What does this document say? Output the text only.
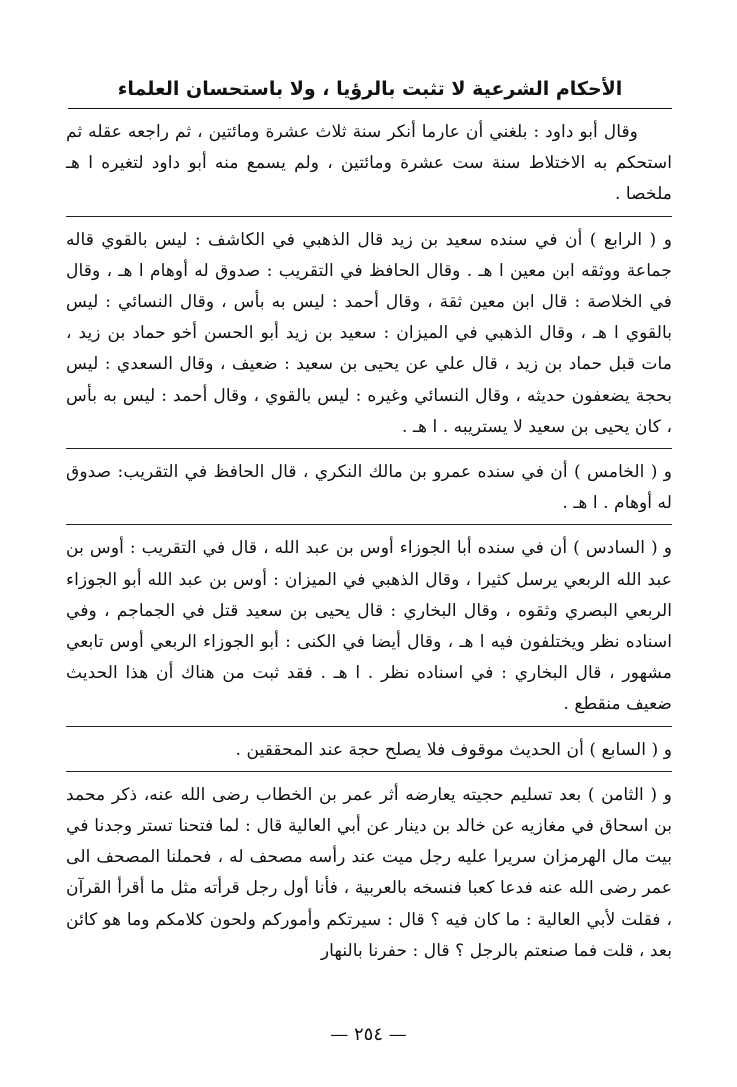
الأحكام الشرعية لا تثبت بالرؤيا ، ولا باستحسان العلماء

وقال أبو داود : بلغني أن عارما أنكر سنة ثلاث عشرة ومائتين ، ثم راجعه عقله ثم استحكم به الاختلاط سنة ست عشرة ومائتين ، ولم يسمع منه أبو داود لتغيره ا هـ ملخصا .

و ( الرابع ) أن في سنده سعيد بن زيد قال الذهبي في الكاشف : ليس بالقوي قاله جماعة ووثقه ابن معين ا هـ . وقال الحافظ في التقريب : صدوق له أوهام ا هـ ، وقال في الخلاصة : قال ابن معين ثقة ، وقال أحمد : ليس به بأس ، وقال النسائي : ليس بالقوي ا هـ ، وقال الذهبي في الميزان : سعيد بن زيد أبو الحسن أخو حماد بن زيد ، مات قبل حماد بن زيد ، قال علي عن يحيى بن سعيد : ضعيف ، وقال السعدي : ليس بحجة يضعفون حديثه ، وقال النسائي وغيره : ليس بالقوي ، وقال أحمد : ليس به بأس ، كان يحيى بن سعيد لا يستريبه . ا هـ .

و ( الخامس ) أن في سنده عمرو بن مالك النكري ، قال الحافظ في التقريب: صدوق له أوهام . ا هـ .

و ( السادس ) أن في سنده أبا الجوزاء أوس بن عبد الله ، قال في التقريب : أوس بن عبد الله الربعي يرسل كثيرا ، وقال الذهبي في الميزان : أوس بن عبد الله أبو الجوزاء الربعي البصري وثقوه ، وقال البخاري : قال يحيى بن سعيد قتل في الجماجم ، وفي اسناده نظر ويختلفون فيه ا هـ ، وقال أيضا في الكنى : أبو الجوزاء الربعي أوس تابعي مشهور ، قال البخاري : في اسناده نظر . ا هـ . فقد ثبت من هناك أن هذا الحديث ضعيف منقطع .

و ( السابع ) أن الحديث موقوف فلا يصلح حجة عند المحققين .

و ( الثامن ) بعد تسليم حجيته يعارضه أثر عمر بن الخطاب رضى الله عنه، ذكر محمد بن اسحاق في مغازيه عن خالد بن دينار عن أبي العالية قال : لما فتحنا تستر وجدنا في بيت مال الهرمزان سريرا عليه رجل ميت عند رأسه مصحف له ، فحملنا المصحف الى عمر رضى الله عنه فدعا كعبا فنسخه بالعربية ، فأنا أول رجل قرأته مثل ما أقرأ القرآن ، فقلت لأبي العالية : ما كان فيه ؟ قال : سيرتكم وأموركم ولحون كلامكم وما هو كائن بعد ، قلت فما صنعتم بالرجل ؟ قال : حفرنا بالنهار

— ٢٥٤ —
